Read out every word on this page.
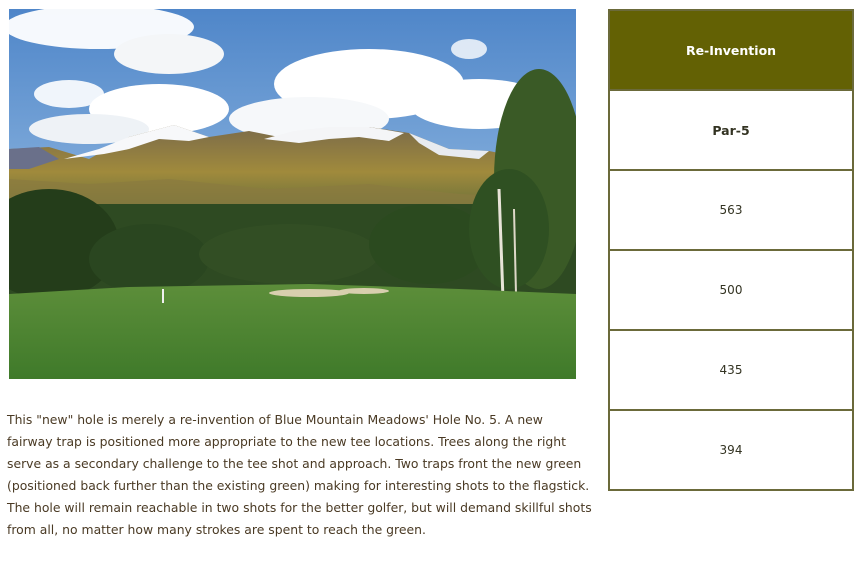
This "new" hole is merely a re-invention of Blue Mountain Meadows' Hole No. 5. A new fairway trap is positioned more appropriate to the new tee locations. Trees along the right serve as a secondary challenge to the tee shot and approach. Two traps front the new green (positioned back further than the existing green) making for interesting shots to the flagstick. The hole will remain reachable in two shots for the better golfer, but will demand skillful shots from all, no matter how many strokes are spent to reach the green.

Re-Invention
Par-5
563
500
435
394
